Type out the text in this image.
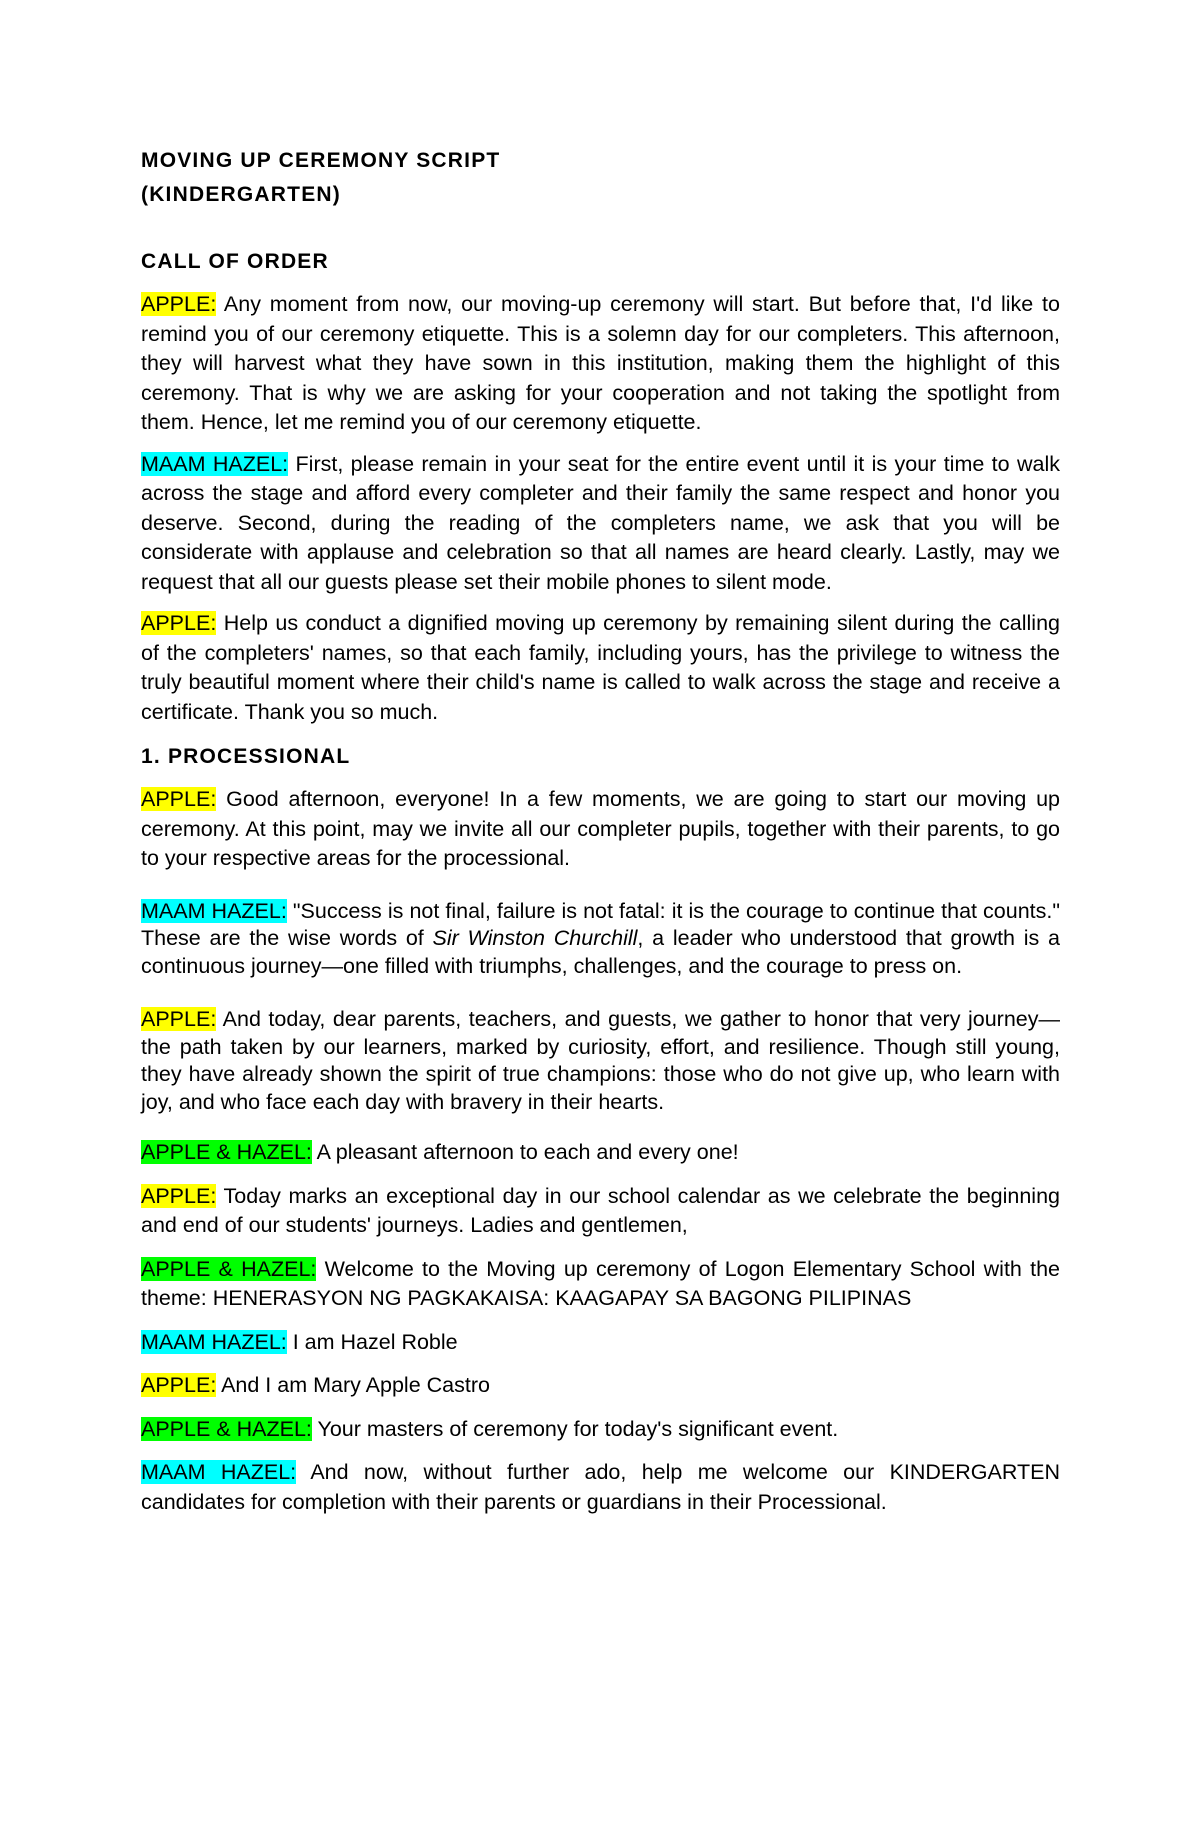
MOVING UP CEREMONY SCRIPT
(KINDERGARTEN)
CALL OF ORDER

APPLE: Any moment from now, our moving-up ceremony will start. But before that, I'd like to remind you of our ceremony etiquette. This is a solemn day for our completers. This afternoon, they will harvest what they have sown in this institution, making them the highlight of this ceremony. That is why we are asking for your cooperation and not taking the spotlight from them. Hence, let me remind you of our ceremony etiquette.

MAAM HAZEL: First, please remain in your seat for the entire event until it is your time to walk across the stage and afford every completer and their family the same respect and honor you deserve. Second, during the reading of the completers name, we ask that you will be considerate with applause and celebration so that all names are heard clearly. Lastly, may we request that all our guests please set their mobile phones to silent mode.

APPLE: Help us conduct a dignified moving up ceremony by remaining silent during the calling of the completers' names, so that each family, including yours, has the privilege to witness the truly beautiful moment where their child's name is called to walk across the stage and receive a certificate. Thank you so much.

1. PROCESSIONAL

APPLE: Good afternoon, everyone! In a few moments, we are going to start our moving up ceremony. At this point, may we invite all our completer pupils, together with their parents, to go to your respective areas for the processional.

MAAM HAZEL: "Success is not final, failure is not fatal: it is the courage to continue that counts." These are the wise words of Sir Winston Churchill, a leader who understood that growth is a continuous journey—one filled with triumphs, challenges, and the courage to press on.

APPLE: And today, dear parents, teachers, and guests, we gather to honor that very journey—the path taken by our learners, marked by curiosity, effort, and resilience. Though still young, they have already shown the spirit of true champions: those who do not give up, who learn with joy, and who face each day with bravery in their hearts.

APPLE & HAZEL: A pleasant afternoon to each and every one!

APPLE: Today marks an exceptional day in our school calendar as we celebrate the beginning and end of our students' journeys. Ladies and gentlemen,

APPLE & HAZEL: Welcome to the Moving up ceremony of Logon Elementary School with the theme: HENERASYON NG PAGKAKAISA: KAAGAPAY SA BAGONG PILIPINAS

MAAM HAZEL: I am Hazel Roble

APPLE: And I am Mary Apple Castro

APPLE & HAZEL: Your masters of ceremony for today's significant event.

MAAM HAZEL: And now, without further ado, help me welcome our KINDERGARTEN candidates for completion with their parents or guardians in their Processional.
